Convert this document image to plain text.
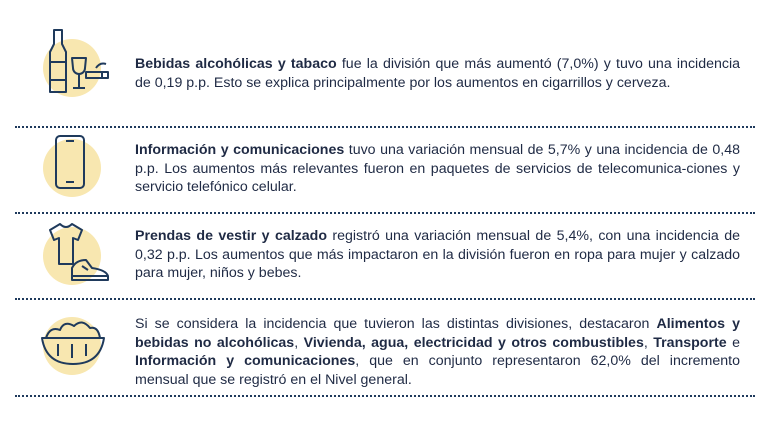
Bebidas alcohólicas y tabaco fue la división que más aumentó (7,0%) y tuvo una incidencia de 0,19 p.p. Esto se explica principalmente por los aumentos en cigarrillos y cerveza.
Información y comunicaciones tuvo una variación mensual de 5,7% y una incidencia de 0,48 p.p. Los aumentos más relevantes fueron en paquetes de servicios de telecomunica-ciones y servicio telefónico celular.
Prendas de vestir y calzado registró una variación mensual de 5,4%, con una incidencia de 0,32 p.p. Los aumentos que más impactaron en la división fueron en ropa para mujer y calzado para mujer, niños y bebes.
Si se considera la incidencia que tuvieron las distintas divisiones, destacaron Alimentos y bebidas no alcohólicas, Vivienda, agua, electricidad y otros combustibles, Transporte e Información y comunicaciones, que en conjunto representaron 62,0% del incremento mensual que se registró en el Nivel general.
